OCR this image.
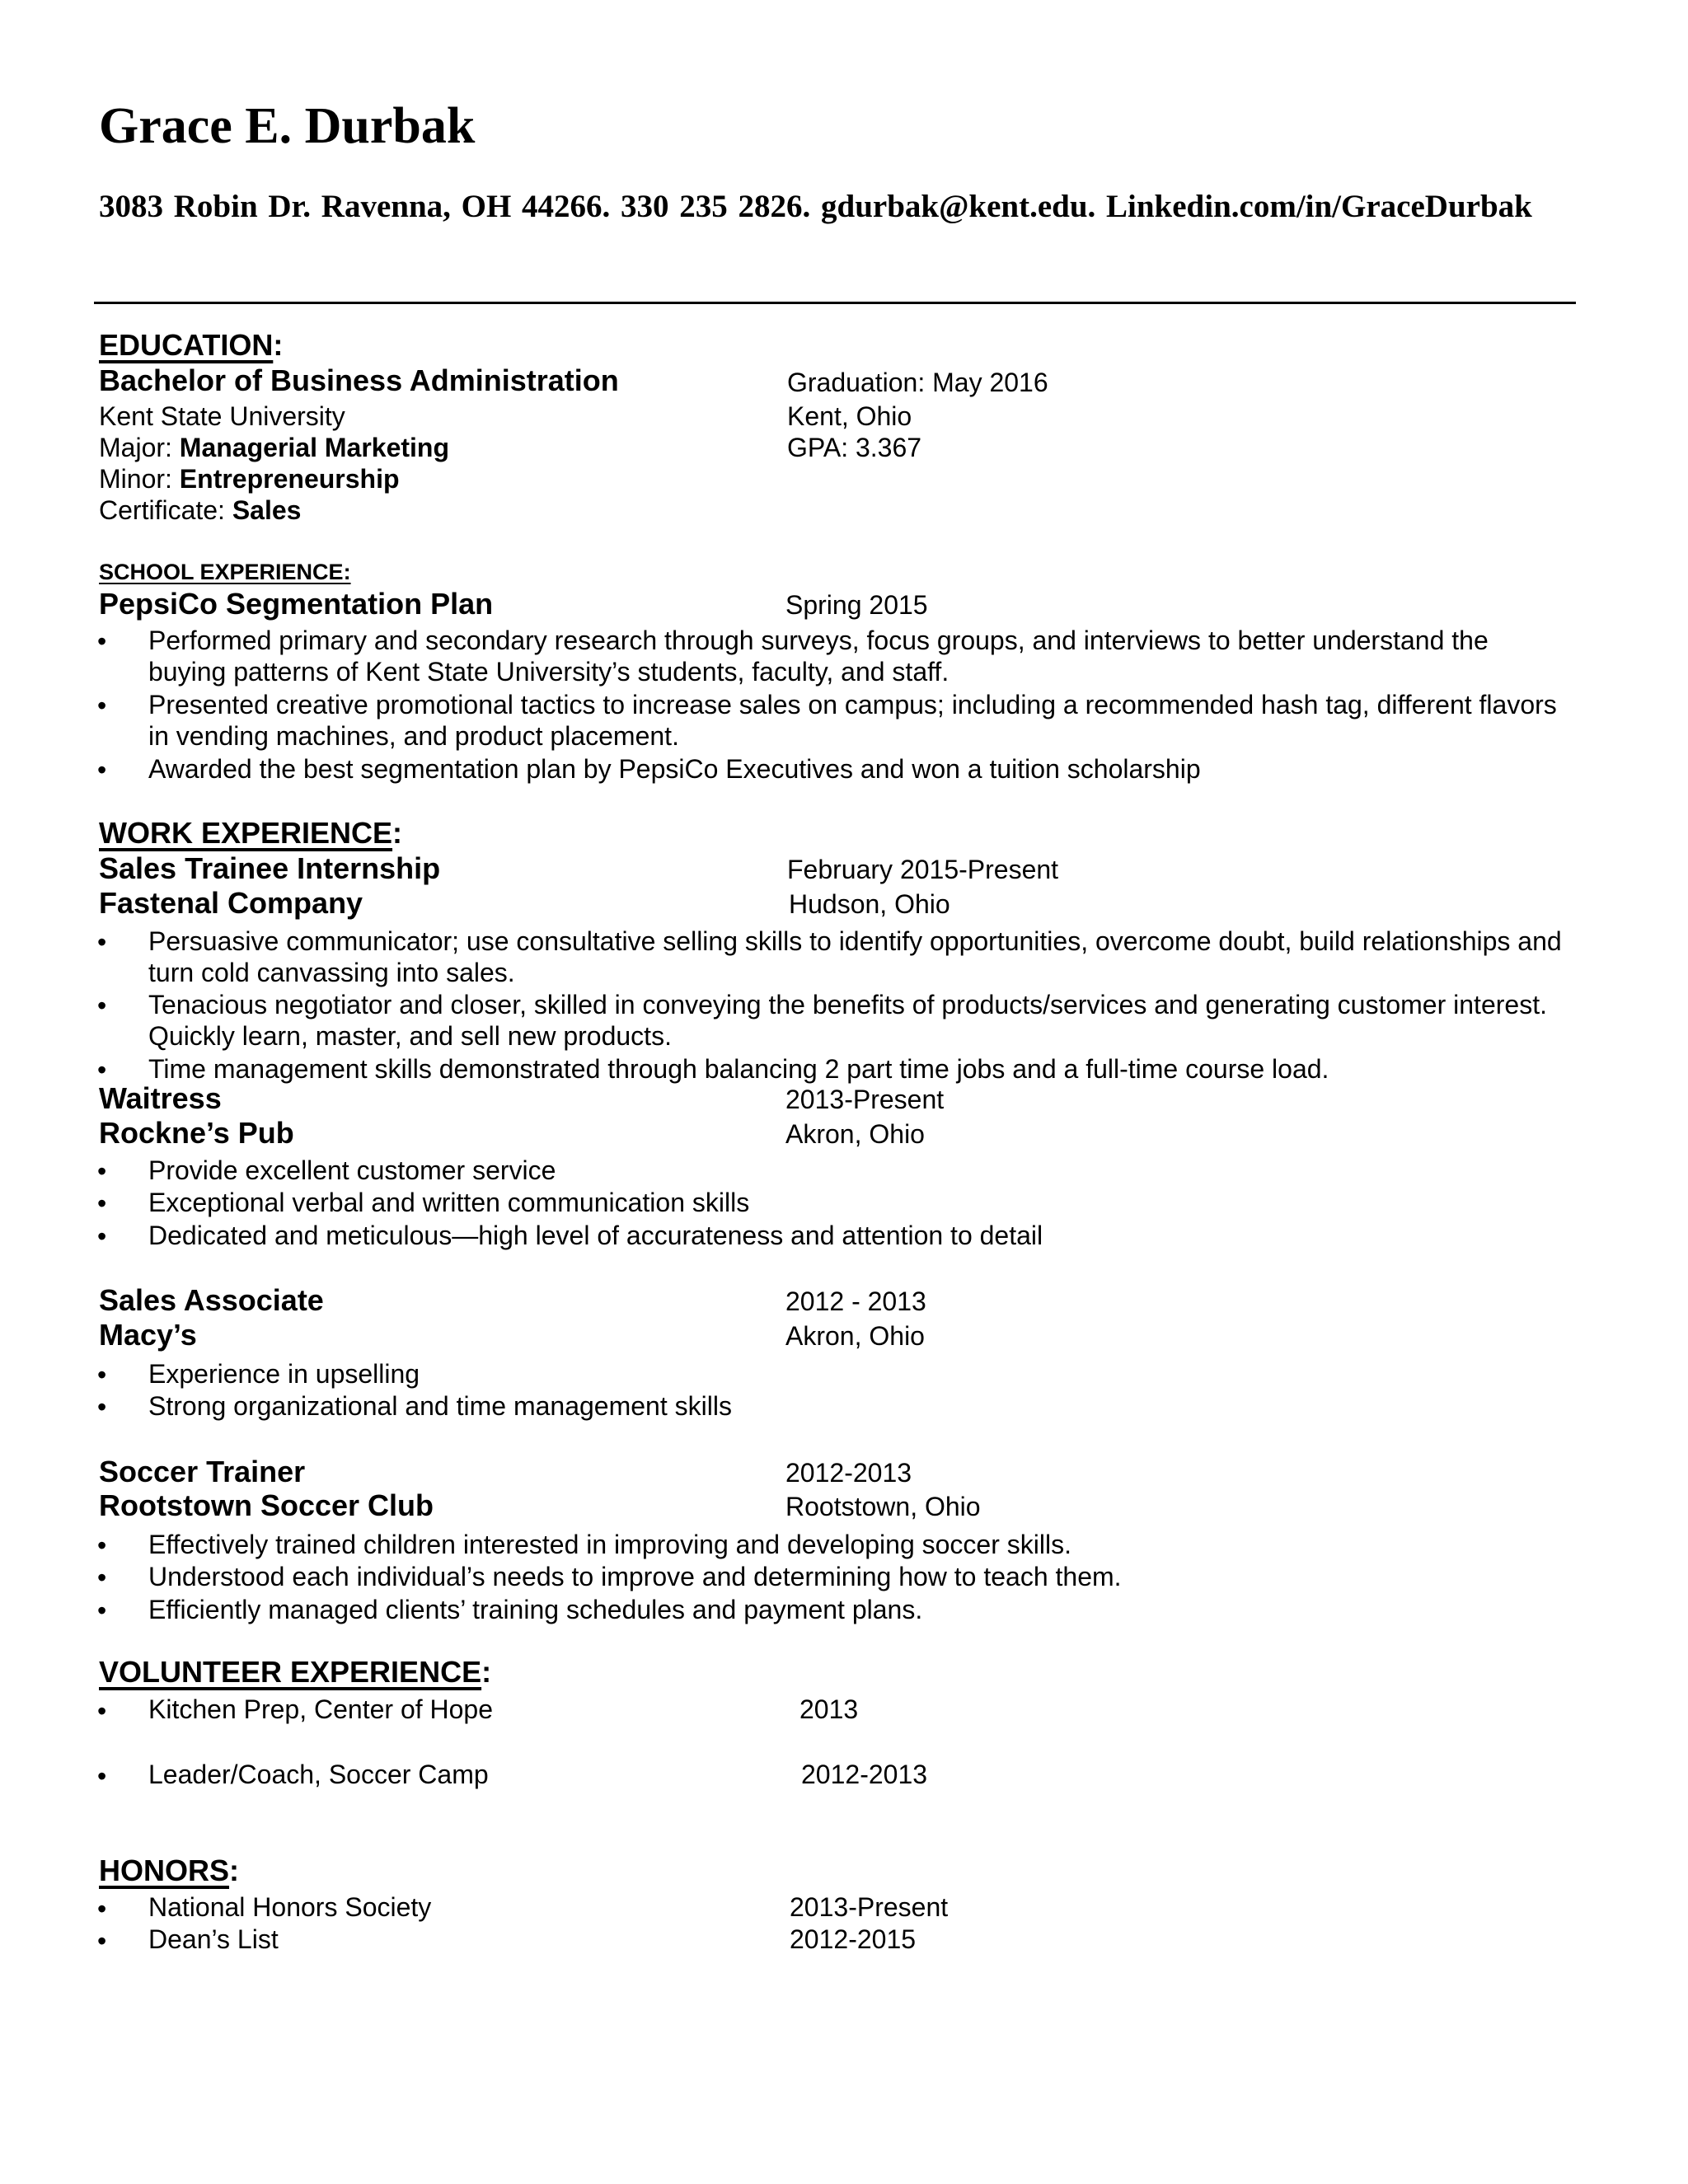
Grace E. Durbak
3083 Robin Dr. Ravenna, OH 44266. 330 235 2826. gdurbak@kent.edu. Linkedin.com/in/GraceDurbak
EDUCATION:
Bachelor of Business Administration	Graduation: May 2016
Kent State University	Kent, Ohio
Major: Managerial Marketing	GPA: 3.367
Minor: Entrepreneurship
Certificate: Sales
SCHOOL EXPERIENCE:
PepsiCo Segmentation Plan	Spring 2015
• Performed primary and secondary research through surveys, focus groups, and interviews to better understand the buying patterns of Kent State University’s students, faculty, and staff.
• Presented creative promotional tactics to increase sales on campus; including a recommended hash tag, different flavors in vending machines, and product placement.
• Awarded the best segmentation plan by PepsiCo Executives and won a tuition scholarship
WORK EXPERIENCE:
Sales Trainee Internship	February 2015-Present
Fastenal Company	Hudson, Ohio
• Persuasive communicator; use consultative selling skills to identify opportunities, overcome doubt, build relationships and turn cold canvassing into sales.
• Tenacious negotiator and closer, skilled in conveying the benefits of products/services and generating customer interest. Quickly learn, master, and sell new products.
• Time management skills demonstrated through balancing 2 part time jobs and a full-time course load.
Waitress	2013-Present
Rockne’s Pub	Akron, Ohio
• Provide excellent customer service
• Exceptional verbal and written communication skills
• Dedicated and meticulous—high level of accurateness and attention to detail
Sales Associate	2012 - 2013
Macy’s	Akron, Ohio
• Experience in upselling
• Strong organizational and time management skills
Soccer Trainer	2012-2013
Rootstown Soccer Club	Rootstown, Ohio
• Effectively trained children interested in improving and developing soccer skills.
• Understood each individual’s needs to improve and determining how to teach them.
• Efficiently managed clients’ training schedules and payment plans.
VOLUNTEER EXPERIENCE:
• Kitchen Prep, Center of Hope	2013
• Leader/Coach, Soccer Camp	2012-2013
HONORS:
• National Honors Society	2013-Present
• Dean’s List	2012-2015
